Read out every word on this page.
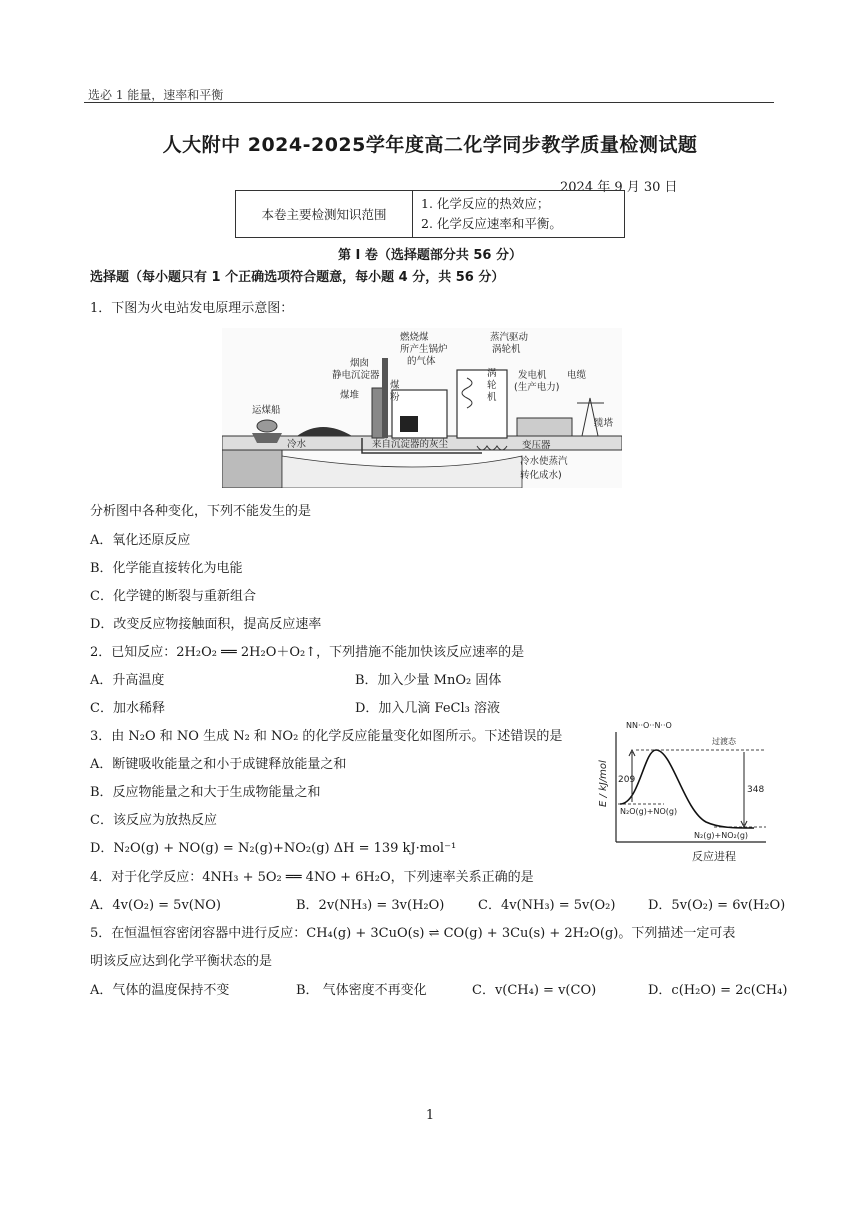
选必 1 能量，速率和平衡
人大附中 2024-2025学年度高二化学同步教学质量检测试题
2024 年 9 月 30 日
本卷主要检测知识范围	
1. 化学反应的热效应；
2. 化学反应速率和平衡。
第 I 卷（选择题部分共 56 分）
选择题（每小题只有 1 个正确选项符合题意，每小题 4 分，共 56 分）
1．下图为火电站发电原理示意图：
燃烧煤
所产生锅炉
的气体
蒸汽驱动
涡轮机
烟囱
静电沉淀器
煤
粉
煤堆
涡
轮
机
发电机
(生产电力)
电缆
缆塔
变压器
运煤船
冷水	来自沉淀器的灰尘
冷水使蒸汽
转化成水)
分析图中各种变化，下列不能发生的是
A．氧化还原反应
B．化学能直接转化为电能
C．化学键的断裂与重新组合
D．改变反应物接触面积，提高反应速率
2．已知反应：2H₂O₂ ══ 2H₂O＋O₂↑，下列措施不能加快该反应速率的是
A．升高温度	B．加入少量 MnO₂ 固体
C．加水稀释	D．加入几滴 FeCl₃ 溶液
3．由 N₂O 和 NO 生成 N₂ 和 NO₂ 的化学反应能量变化如图所示。下述错误的是
A．断键吸收能量之和小于成键释放能量之和
B．反应物能量之和大于生成物能量之和
C．该反应为放热反应
D．N₂O(g) + NO(g) = N₂(g)+NO₂(g) ΔH = 139 kJ·mol⁻¹
E / kJ/mol
反应进程
过渡态
NN··O··N··O
209
348
N₂O(g)+NO(g)
N₂(g)+NO₂(g)
4．对于化学反应：4NH₃ + 5O₂ ══ 4NO + 6H₂O，下列速率关系正确的是
A．4v(O₂) = 5v(NO)	B．2v(NH₃) = 3v(H₂O)	C．4v(NH₃) = 5v(O₂)	D．5v(O₂) = 6v(H₂O)
5．在恒温恒容密闭容器中进行反应：CH₄(g) + 3CuO(s) ⇌ CO(g) + 3Cu(s) + 2H₂O(g)。下列描述一定可表
明该反应达到化学平衡状态的是
A．气体的温度保持不变	B． 气体密度不再变化	C．v(CH₄) = v(CO)	D．c(H₂O) = 2c(CH₄)
1
